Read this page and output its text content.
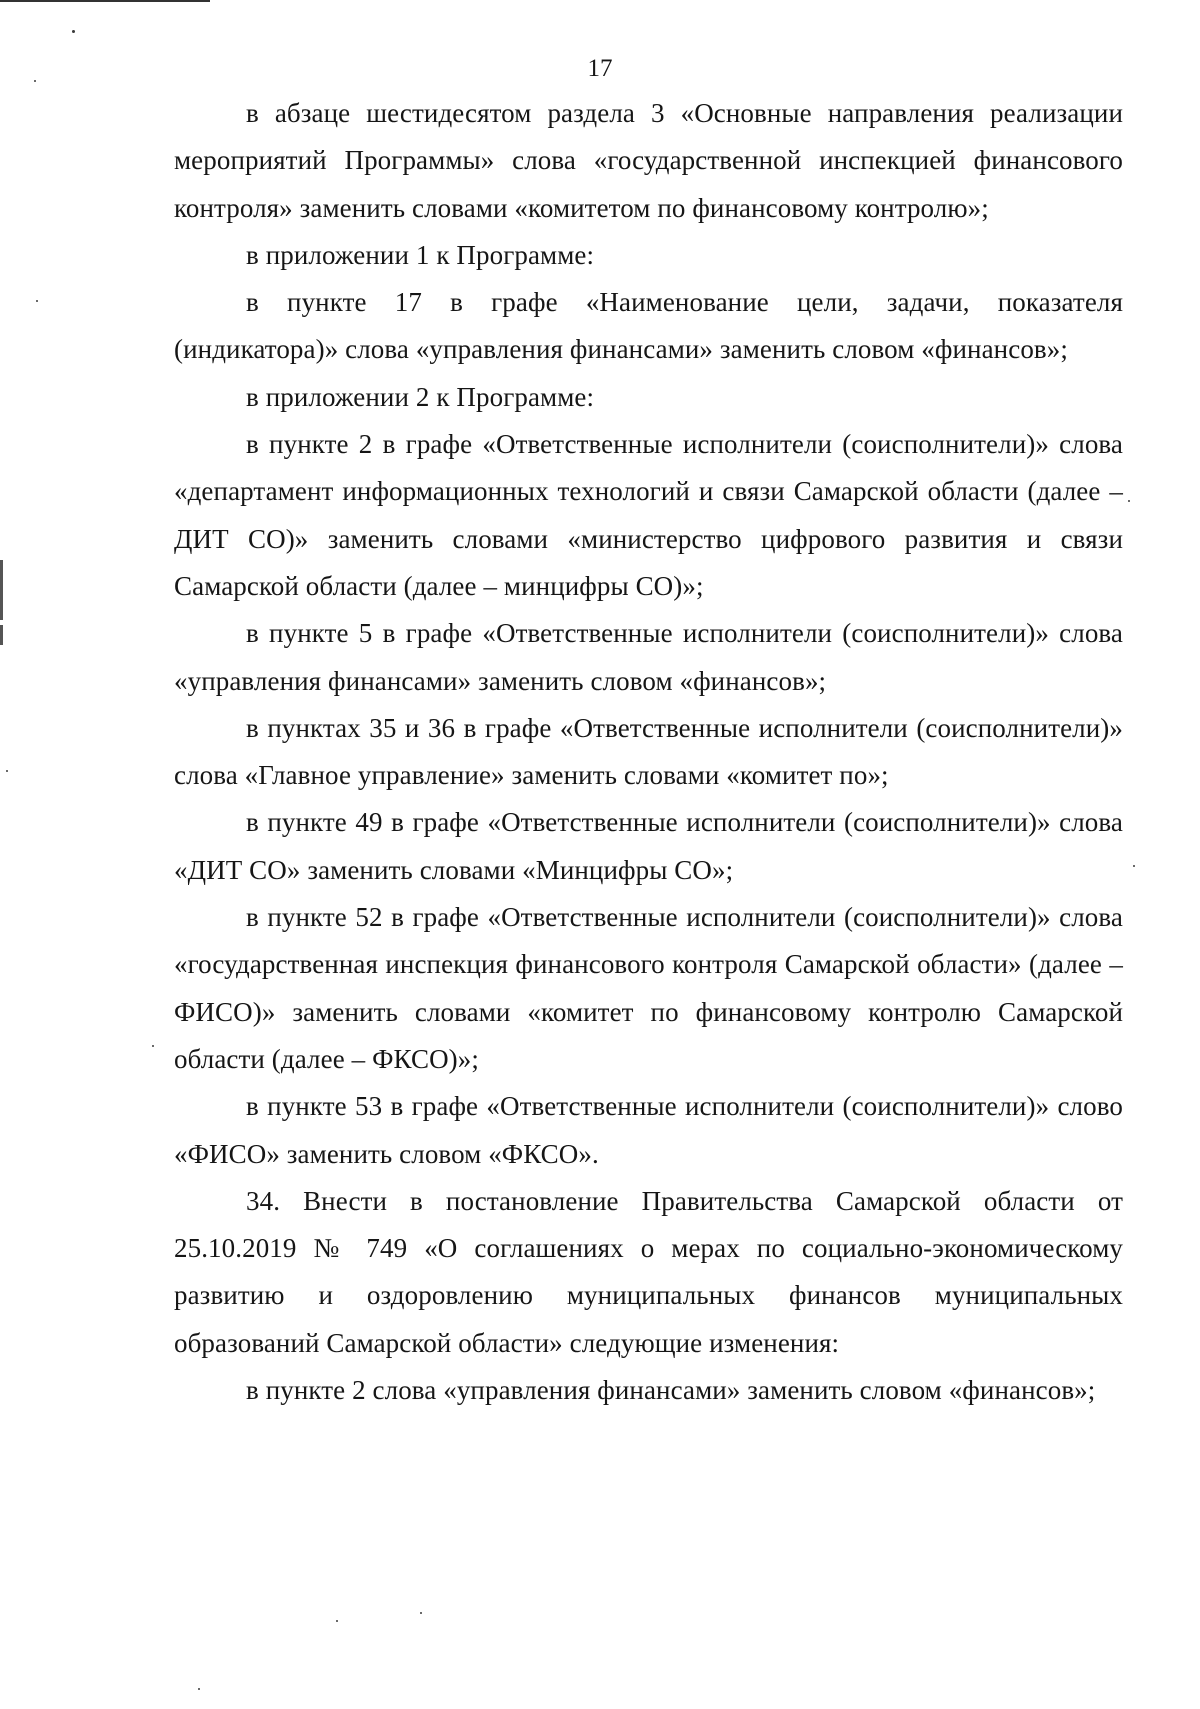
17

в абзаце шестидесятом раздела 3 «Основные направления реализации мероприятий Программы» слова «государственной инспекцией финансового контроля» заменить словами «комитетом по финансовому контролю»;

в приложении 1 к Программе:

в пункте 17 в графе «Наименование цели, задачи, показателя (индикатора)» слова «управления финансами» заменить словом «финансов»;

в приложении 2 к Программе:

в пункте 2 в графе «Ответственные исполнители (соисполнители)» слова «департамент информационных технологий и связи Самарской области (далее – ДИТ СО)» заменить словами «министерство цифрового развития и связи Самарской области (далее – минцифры СО)»;

в пункте 5 в графе «Ответственные исполнители (соисполнители)» слова «управления финансами» заменить словом «финансов»;

в пунктах 35 и 36 в графе «Ответственные исполнители (соисполнители)» слова «Главное управление» заменить словами «комитет по»;

в пункте 49 в графе «Ответственные исполнители (соисполнители)» слова «ДИТ СО» заменить словами «Минцифры СО»;

в пункте 52 в графе «Ответственные исполнители (соисполнители)» слова «государственная инспекция финансового контроля Самарской области» (далее – ФИСО)» заменить словами «комитет по финансовому контролю Самарской области (далее – ФКСО)»;

в пункте 53 в графе «Ответственные исполнители (соисполнители)» слово «ФИСО» заменить словом «ФКСО».

34. Внести в постановление Правительства Самарской области от 25.10.2019 № 749 «О соглашениях о мерах по социально-экономическому развитию и оздоровлению муниципальных финансов муниципальных образований Самарской области» следующие изменения:

в пункте 2 слова «управления финансами» заменить словом «финансов»;
